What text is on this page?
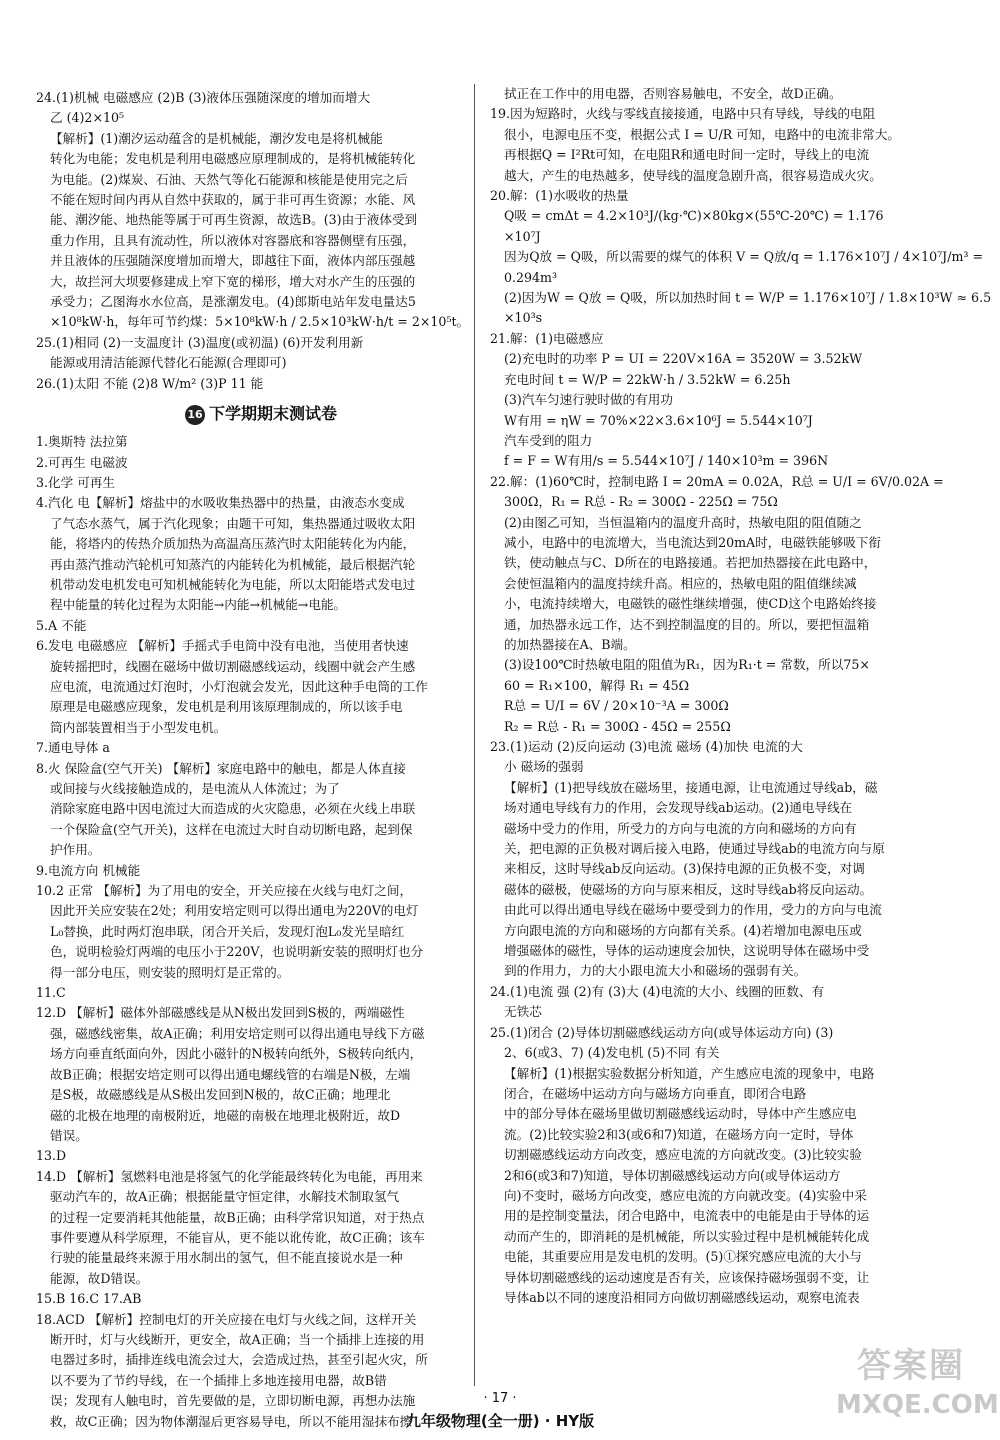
24.(1)机械 电磁感应 (2)B (3)液体压强随深度的增加而增大

乙 (4)2×10⁵

【解析】(1)潮汐运动蕴含的是机械能，潮汐发电是将机械能

转化为电能；发电机是利用电磁感应原理制成的，是将机械能转化

为电能。(2)煤炭、石油、天然气等化石能源和核能是使用完之后

不能在短时间内再从自然中获取的，属于非可再生资源；水能、风

能、潮汐能、地热能等属于可再生资源，故选B。(3)由于液体受到

重力作用，且具有流动性，所以液体对容器底和容器侧壁有压强，

并且液体的压强随深度增加而增大，即越往下面，液体内部压强越

大，故拦河大坝要修建成上窄下宽的梯形，增大对水产生的压强的

承受力；乙图海水水位高，是涨潮发电。(4)郎斯电站年发电量达5

×10⁸kW·h，每年可节约煤：5×10⁸kW·h / 2.5×10³kW·h/t = 2×10⁵t。

25.(1)相同 (2)一支温度计 (3)温度(或初温) (6)开发利用新

能源或用清洁能源代替化石能源(合理即可)

26.(1)太阳 不能 (2)8 W/m² (3)P 11 能

16 下学期期末测试卷

1.奥斯特 法拉第

2.可再生 电磁波

3.化学 可再生

4.汽化 电【解析】熔盐中的水吸收集热器中的热量，由液态水变成

了气态水蒸气，属于汽化现象；由题干可知，集热器通过吸收太阳

能，将塔内的传热介质加热为高温高压蒸汽时太阳能转化为内能，

再由蒸汽推动汽轮机可知蒸汽的内能转化为机械能，最后根据汽轮

机带动发电机发电可知机械能转化为电能，所以太阳能塔式发电过

程中能量的转化过程为太阳能→内能→机械能→电能。

5.A 不能

6.发电 电磁感应 【解析】手摇式手电筒中没有电池，当使用者快速

旋转摇把时，线圈在磁场中做切割磁感线运动，线圈中就会产生感

应电流，电流通过灯泡时，小灯泡就会发光，因此这种手电筒的工作

原理是电磁感应现象，发电机是利用该原理制成的，所以该手电

筒内部装置相当于小型发电机。

7.通电导体 a

8.火 保险盒(空气开关) 【解析】家庭电路中的触电，都是人体直接

或间接与火线接触造成的，是电流从人体流过；为了

消除家庭电路中因电流过大而造成的火灾隐患，必须在火线上串联

一个保险盒(空气开关)，这样在电流过大时自动切断电路，起到保

护作用。

9.电流方向 机械能

10.2 正常 【解析】为了用电的安全，开关应接在火线与电灯之间，

因此开关应安装在2处；利用安培定则可以得出通电为220V的电灯

L₀替换，此时两灯泡串联，闭合开关后，发现灯泡L₀发光呈暗红

色，说明检验灯两端的电压小于220V，也说明新安装的照明灯也分

得一部分电压，则安装的照明灯是正常的。

11.C

12.D 【解析】磁体外部磁感线是从N极出发回到S极的，两端磁性

强，磁感线密集，故A正确；利用安培定则可以得出通电导线下方磁

场方向垂直纸面向外，因此小磁针的N极转向纸外，S极转向纸内，

故B正确；根据安培定则可以得出通电螺线管的右端是N极，左端

是S极，故磁感线是从S极出发回到N极的，故C正确；地理北

磁的北极在地理的南极附近，地磁的南极在地理北极附近，故D

错误。

13.D

14.D 【解析】氢燃料电池是将氢气的化学能最终转化为电能，再用来

驱动汽车的，故A正确；根据能量守恒定律，水解技术制取氢气

的过程一定要消耗其他能量，故B正确；由科学常识知道，对于热点

事件要遵从科学原理，不能盲从，更不能以讹传讹，故C正确；该车

行驶的能量最终来源于用水制出的氢气，但不能直接说水是一种

能源，故D错误。

15.B 16.C 17.AB

18.ACD 【解析】控制电灯的开关应接在电灯与火线之间，这样开关

断开时，灯与火线断开，更安全，故A正确；当一个插排上连接的用

电器过多时，插排连线电流会过大，会造成过热，甚至引起火灾，所

以不要为了节约导线，在一个插排上多地连接用电器，故B错

误；发现有人触电时，首先要做的是，立即切断电源，再想办法施

救，故C正确；因为物体潮湿后更容易导电，所以不能用湿抹布擦

拭正在工作中的用电器，否则容易触电，不安全，故D正确。

19.因为短路时，火线与零线直接接通，电路中只有导线，导线的电阻

很小，电源电压不变，根据公式 I = U/R 可知，电路中的电流非常大。

再根据Q = I²Rt可知，在电阻R和通电时间一定时，导线上的电流

越大，产生的电热越多，使导线的温度急剧升高，很容易造成火灾。

20.解：(1)水吸收的热量

Q吸 = cmΔt = 4.2×10³J/(kg·℃)×80kg×(55℃-20℃) = 1.176

×10⁷J

因为Q放 = Q吸，所以需要的煤气的体积 V = Q放/q = 1.176×10⁷J / 4×10⁷J/m³ =

0.294m³

(2)因为W = Q放 = Q吸，所以加热时间 t = W/P = 1.176×10⁷J / 1.8×10³W ≈ 6.5

×10³s

21.解：(1)电磁感应

(2)充电时的功率 P = UI = 220V×16A = 3520W = 3.52kW

充电时间 t = W/P = 22kW·h / 3.52kW = 6.25h

(3)汽车匀速行驶时做的有用功

W有用 = ηW = 70%×22×3.6×10⁶J = 5.544×10⁷J

汽车受到的阻力

f = F = W有用/s = 5.544×10⁷J / 140×10³m = 396N

22.解：(1)60℃时，控制电路 I = 20mA = 0.02A，R总 = U/I = 6V/0.02A =

300Ω，R₁ = R总 - R₂ = 300Ω - 225Ω = 75Ω

(2)由图乙可知，当恒温箱内的温度升高时，热敏电阻的阻值随之

减小，电路中的电流增大，当电流达到20mA时，电磁铁能够吸下衔

铁，使动触点与C、D所在的电路接通。若把加热器接在此电路中，

会使恒温箱内的温度持续升高。相应的，热敏电阻的阻值继续减

小，电流持续增大，电磁铁的磁性继续增强，使CD这个电路始终接

通，加热器永远工作，达不到控制温度的目的。所以，要把恒温箱

的加热器接在A、B端。

(3)设100℃时热敏电阻的阻值为R₁，因为R₁·t = 常数，所以75×

60 = R₁×100，解得 R₁ = 45Ω

R总 = U/I = 6V / 20×10⁻³A = 300Ω

R₂ = R总 - R₁ = 300Ω - 45Ω = 255Ω

23.(1)运动 (2)反向运动 (3)电流 磁场 (4)加快 电流的大

小 磁场的强弱

【解析】(1)把导线放在磁场里，接通电源，让电流通过导线ab，磁

场对通电导线有力的作用，会发现导线ab运动。(2)通电导线在

磁场中受力的作用，所受力的方向与电流的方向和磁场的方向有

关，把电源的正负极对调后接入电路，使通过导线ab的电流方向与原

来相反，这时导线ab反向运动。(3)保持电源的正负极不变，对调

磁体的磁极，使磁场的方向与原来相反，这时导线ab将反向运动。

由此可以得出通电导线在磁场中要受到力的作用，受力的方向与电流

方向跟电流的方向和磁场的方向都有关系。(4)若增加电源电压或

增强磁体的磁性，导体的运动速度会加快，这说明导体在磁场中受

到的作用力，力的大小跟电流大小和磁场的强弱有关。

24.(1)电流 强 (2)有 (3)大 (4)电流的大小、线圈的匝数、有

无铁芯

25.(1)闭合 (2)导体切割磁感线运动方向(或导体运动方向) (3)

2、6(或3、7) (4)发电机 (5)不同 有关

【解析】(1)根据实验数据分析知道，产生感应电流的现象中，电路

闭合，在磁场中运动方向与磁场方向垂直，即闭合电路

中的部分导体在磁场里做切割磁感线运动时，导体中产生感应电

流。(2)比较实验2和3(或6和7)知道，在磁场方向一定时，导体

切割磁感线运动方向改变，感应电流的方向就改变。(3)比较实验

2和6(或3和7)知道，导体切割磁感线运动方向(或导体运动方

向)不变时，磁场方向改变，感应电流的方向就改变。(4)实验中采

用的是控制变量法，闭合电路中，电流表中的电能是由于导体的运

动而产生的，即消耗的是机械能，所以实验过程中是机械能转化成

电能，其重要应用是发电机的发明。(5)①探究感应电流的大小与

导体切割磁感线的运动速度是否有关，应该保持磁场强弱不变，让

导体ab以不同的速度沿相同方向做切割磁感线运动，观察电流表

· 17 ·
九年级物理(全一册) · HY版
答案圈
MXQE.COM
